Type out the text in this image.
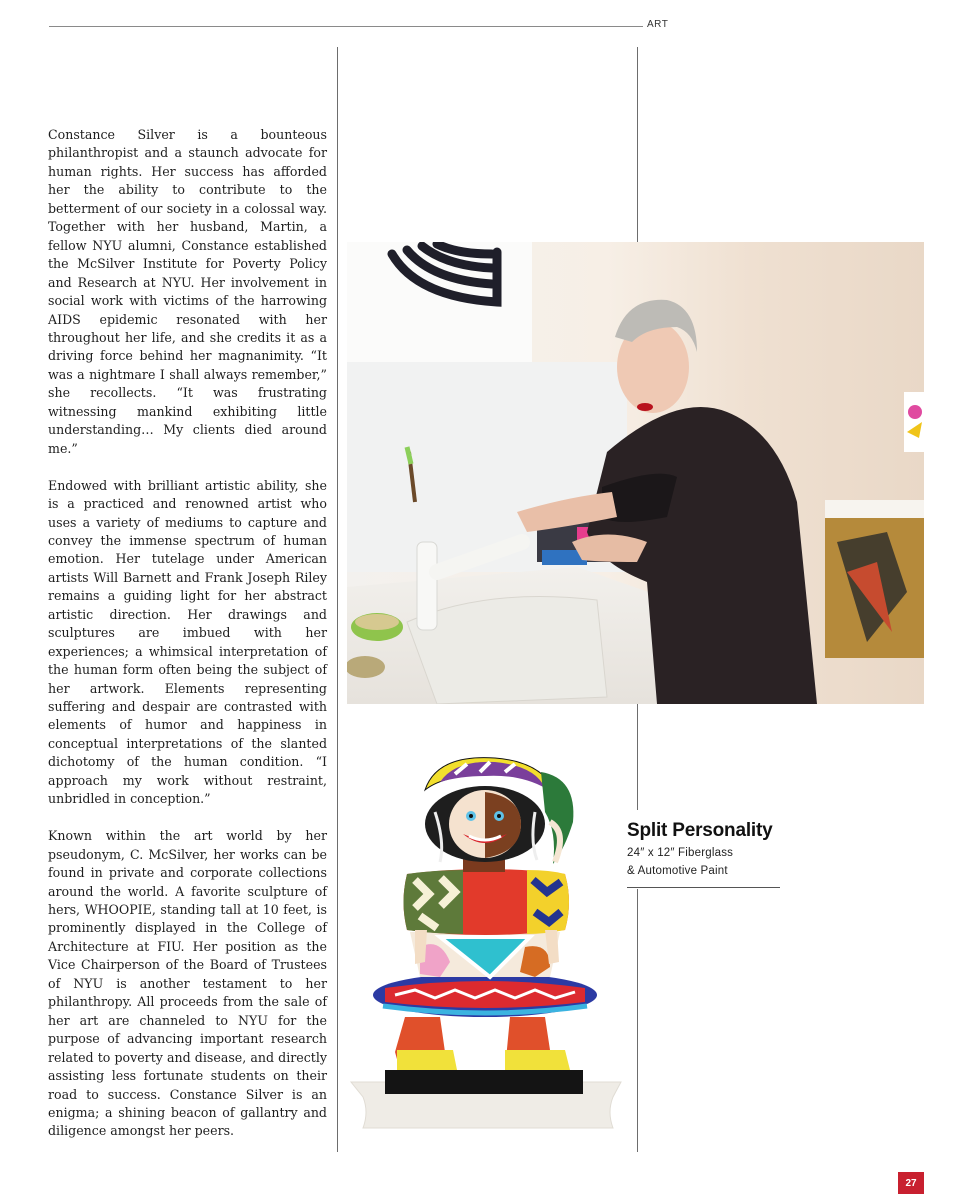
ART

Constance Silver is a bounteous philanthropist and a staunch advocate for human rights. Her success has afforded her the ability to contribute to the betterment of our society in a colossal way. Together with her husband, Martin, a fellow NYU alumni, Constance established the McSilver Institute for Poverty Policy and Research at NYU. Her involvement in social work with victims of the harrowing AIDS epidemic resonated with her throughout her life, and she credits it as a driving force behind her magnanimity. “It was a nightmare I shall always remember,” she recollects. “It was frustrating witnessing mankind exhibiting little understanding… My clients died around me.”

Endowed with brilliant artistic ability, she is a practiced and renowned artist who uses a variety of mediums to capture and convey the immense spectrum of human emotion. Her tutelage under American artists Will Barnett and Frank Joseph Riley remains a guiding light for her abstract artistic direction. Her drawings and sculptures are imbued with her experiences; a whimsical interpretation of the human form often being the subject of her artwork. Elements representing suffering and despair are contrasted with elements of humor and happiness in conceptual interpretations of the slanted dichotomy of the human condition. “I approach my work without restraint, unbridled in conception.”

Known within the art world by her pseudonym, C. McSilver, her works can be found in private and corporate collections around the world. A favorite sculpture of hers, WHOOPIE, standing tall at 10 feet, is prominently displayed in the College of Architecture at FIU. Her position as the Vice Chairperson of the Board of Trustees of NYU is another testament to her philanthropy. All proceeds from the sale of her art are channeled to NYU for the purpose of advancing important research related to poverty and disease, and directly assisting less fortunate students on their road to success. Constance Silver is an enigma; a shining beacon of gallantry and diligence amongst her peers.

Split Personality
24″ x 12″ Fiberglass
& Automotive Paint
27
